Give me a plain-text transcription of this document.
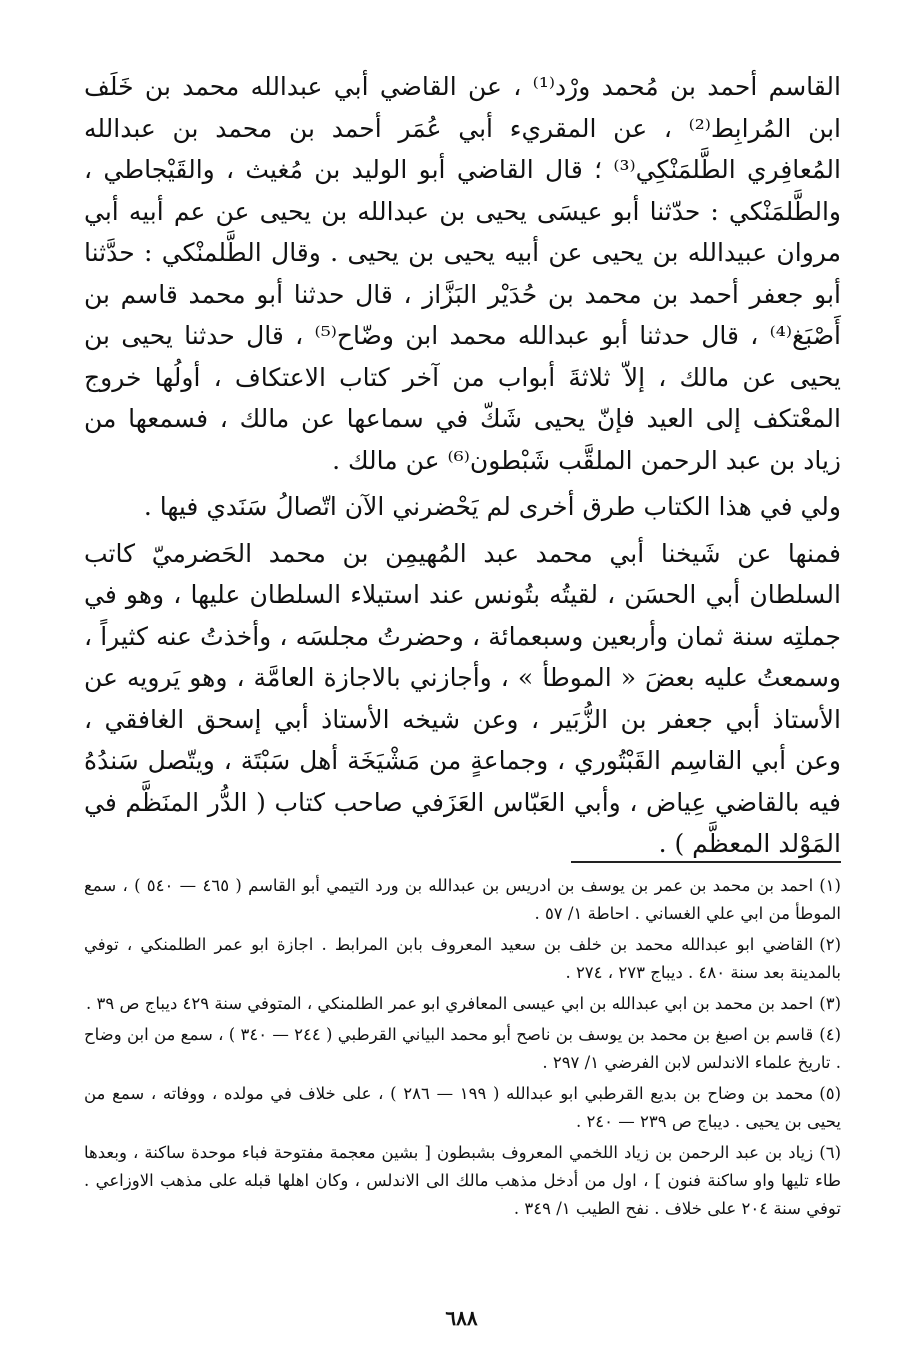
القاسم أحمد بن مُحمد ورْد⁽¹⁾ ، عن القاضي أبي عبدالله محمد بن خَلَف ابن المُرابِط⁽²⁾ ، عن المقريء أبي عُمَر أحمد بن محمد بن عبدالله المُعافِري الطَّلمَنْكِي⁽³⁾ ؛ قال القاضي أبو الوليد بن مُغيث ، والقَيْجاطي ، والطَّلمَنْكي : حدّثنا أبو عيسَى يحيى بن عبدالله بن يحيى عن عم أبيه أبي مروان عبيدالله بن يحيى عن أبيه يحيى بن يحيى . وقال الطَّلمنْكي : حدَّثنا أبو جعفر أحمد بن محمد بن حُدَيْر البَزَّاز ، قال حدثنا أبو محمد قاسم بن أَصْبَغ⁽⁴⁾ ، قال حدثنا أبو عبدالله محمد ابن وضّاح⁽⁵⁾ ، قال حدثنا يحيى بن يحيى عن مالك ، إلاّ ثلاثةَ أبواب من آخر كتاب الاعتكاف ، أولُها خروج المعْتكف إلى العيد فإنّ يحيى شَكّ في سماعها عن مالك ، فسمعها من زياد بن عبد الرحمن الملقَّب شَبْطون⁽⁶⁾ عن مالك .

ولي في هذا الكتاب طرق أخرى لم يَحْضرني الآن اتّصالُ سَنَدي فيها .

فمنها عن شَيخنا أبي محمد عبد المُهيمِن بن محمد الحَضرميّ كاتب السلطان أبي الحسَن ، لقيتُه بتُونس عند استيلاء السلطان عليها ، وهو في جملتِه سنة ثمان وأربعين وسبعمائة ، وحضرتُ مجلسَه ، وأخذتُ عنه كثيراً ، وسمعتُ عليه بعضَ « الموطأ » ، وأجازني بالاجازة العامَّة ، وهو يَرويه عن الأستاذ أبي جعفر بن الزُّبَير ، وعن شيخه الأستاذ أبي إسحق الغافقي ، وعن أبي القاسِم القَبْتُوري ، وجماعةٍ من مَشْيَخَة أهل سَبْتَة ، ويتّصل سَندُهُ فيه بالقاضي عِياض ، وأبي العَبّاس العَزَفي صاحب كتاب ( الدُّر المنَظَّم في المَوْلد المعظَّم ) .

(١)احمد بن محمد بن عمر بن يوسف بن ادريس بن عبدالله بن ورد التيمي أبو القاسم ( ٤٦٥ — ٥٤٠ ) ، سمع الموطأ من ابي علي الغساني . احاطة ١/ ٥٧ .
(٢)القاضي ابو عبدالله محمد بن خلف بن سعيد المعروف بابن المرابط . اجازة ابو عمر الطلمنكي ، توفي بالمدينة بعد سنة ٤٨٠ . ديباج ٢٧٣ ، ٢٧٤ .
(٣)احمد بن محمد بن ابي عبدالله بن ابي عيسى المعافري ابو عمر الطلمنكي ، المتوفي سنة ٤٢٩ ديباج ص ٣٩ .
(٤)قاسم بن اصبغ بن محمد بن يوسف بن ناصح أبو محمد البياني القرطبي ( ٢٤٤ — ٣٤٠ ) ، سمع من ابن وضاح . تاريخ علماء الاندلس لابن الفرضي ١/ ٢٩٧ .
(٥)محمد بن وضاح بن بديع القرطبي ابو عبدالله ( ١٩٩ — ٢٨٦ ) ، على خلاف في مولده ، ووفاته ، سمع من يحيى بن يحيى . ديباج ص ٢٣٩ — ٢٤٠ .
(٦)زياد بن عبد الرحمن بن زياد اللخمي المعروف بشبطون [ بشين معجمة مفتوحة فباء موحدة ساكنة ، وبعدها طاء تليها واو ساكنة فنون ] ، اول من أدخل مذهب مالك الى الاندلس ، وكان اهلها قبله على مذهب الاوزاعي . توفي سنة ٢٠٤ على خلاف . نفح الطيب ١/ ٣٤٩ .
٦٨٨
